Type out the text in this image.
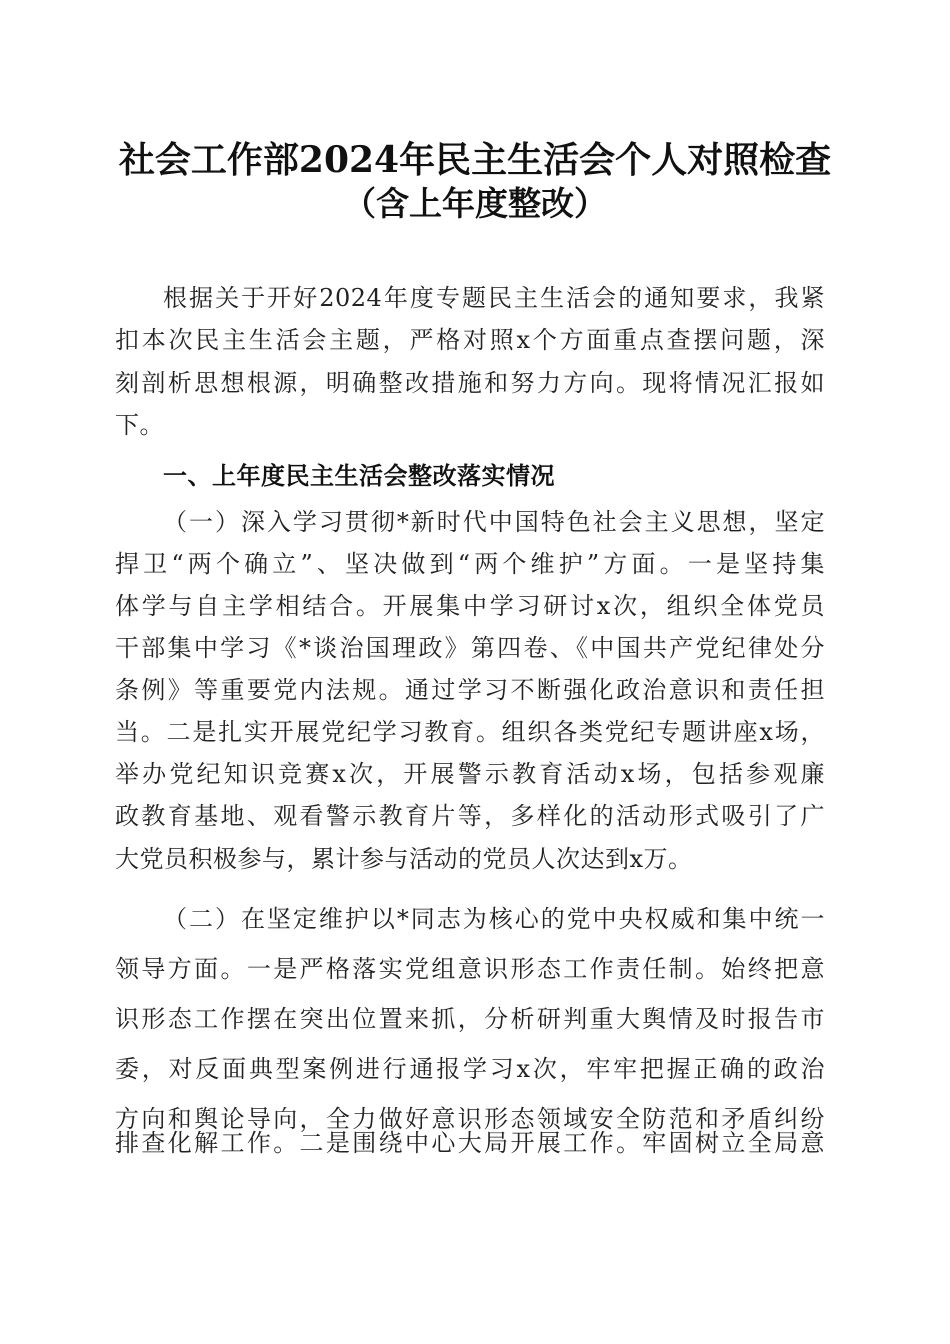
社会工作部2024年民主生活会个人对照检查
（含上年度整改）
根据关于开好2024年度专题民主生活会的通知要求，我紧
扣本次民主生活会主题，严格对照x个方面重点查摆问题，深
刻剖析思想根源，明确整改措施和努力方向。现将情况汇报如
下。
一、上年度民主生活会整改落实情况
（一）深入学习贯彻*新时代中国特色社会主义思想，坚定
捍卫“两个确立”、坚决做到“两个维护”方面。一是坚持集
体学与自主学相结合。开展集中学习研讨x次，组织全体党员
干部集中学习《*谈治国理政》第四卷、《中国共产党纪律处分
条例》等重要党内法规。通过学习不断强化政治意识和责任担
当。二是扎实开展党纪学习教育。组织各类党纪专题讲座x场，
举办党纪知识竞赛x次，开展警示教育活动x场，包括参观廉
政教育基地、观看警示教育片等，多样化的活动形式吸引了广
大党员积极参与，累计参与活动的党员人次达到x万。
（二）在坚定维护以*同志为核心的党中央权威和集中统一
领导方面。一是严格落实党组意识形态工作责任制。始终把意
识形态工作摆在突出位置来抓，分析研判重大舆情及时报告市
委，对反面典型案例进行通报学习x次，牢牢把握正确的政治
方向和舆论导向，全力做好意识形态领域安全防范和矛盾纠纷
排查化解工作。二是围绕中心大局开展工作。牢固树立全局意
